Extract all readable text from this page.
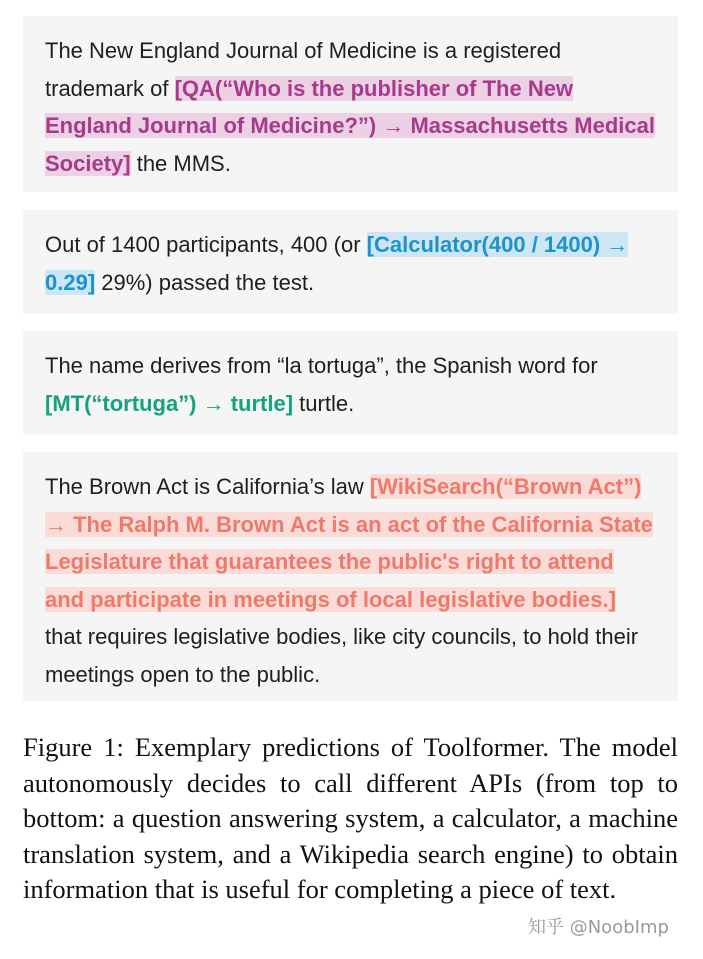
The New England Journal of Medicine is a registered trademark of [QA(“Who is the publisher of The New England Journal of Medicine?”) → Massachusetts Medical Society] the MMS.
Out of 1400 participants, 400 (or [Calculator(400 / 1400) → 0.29] 29%) passed the test.
The name derives from “la tortuga”, the Spanish word for [MT(“tortuga”) → turtle] turtle.
The Brown Act is California’s law [WikiSearch(“Brown Act”) → The Ralph M. Brown Act is an act of the California State Legislature that guarantees the public's right to attend and participate in meetings of local legislative bodies.] that requires legislative bodies, like city councils, to hold their meetings open to the public.
Figure 1: Exemplary predictions of Toolformer. The model autonomously decides to call different APIs (from top to bottom: a question answering system, a calculator, a machine translation system, and a Wikipedia search engine) to obtain information that is useful for completing a piece of text.
知乎 @NoobImp
